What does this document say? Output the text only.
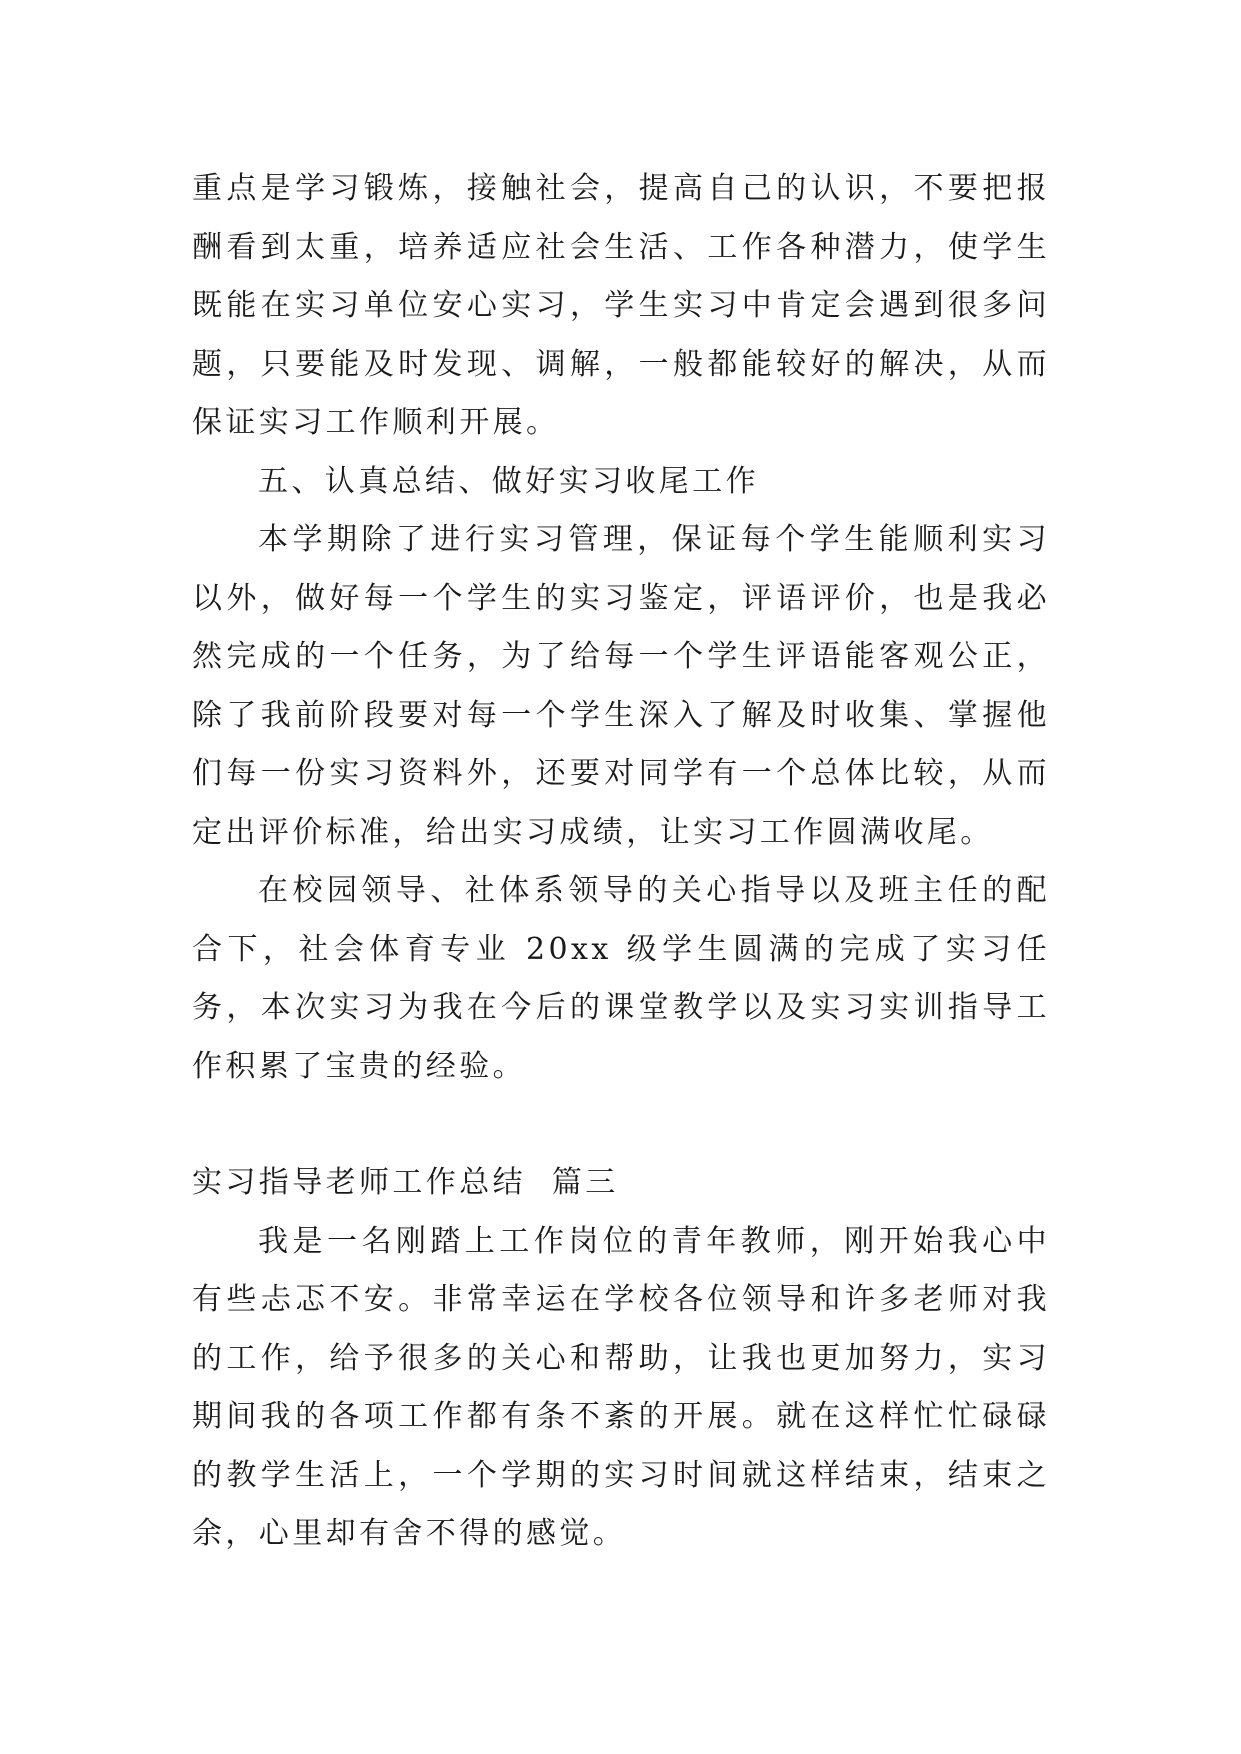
重点是学习锻炼，接触社会，提高自己的认识，不要把报酬看到太重，培养适应社会生活、工作各种潜力，使学生既能在实习单位安心实习，学生实习中肯定会遇到很多问题，只要能及时发现、调解，一般都能较好的解决，从而保证实习工作顺利开展。

五、认真总结、做好实习收尾工作

本学期除了进行实习管理，保证每个学生能顺利实习以外，做好每一个学生的实习鉴定，评语评价，也是我必然完成的一个任务，为了给每一个学生评语能客观公正，除了我前阶段要对每一个学生深入了解及时收集、掌握他们每一份实习资料外，还要对同学有一个总体比较，从而定出评价标准，给出实习成绩，让实习工作圆满收尾。

在校园领导、社体系领导的关心指导以及班主任的配合下，社会体育专业 20xx 级学生圆满的完成了实习任务，本次实习为我在今后的课堂教学以及实习实训指导工作积累了宝贵的经验。

实习指导老师工作总结  篇三

我是一名刚踏上工作岗位的青年教师，刚开始我心中有些忐忑不安。非常幸运在学校各位领导和许多老师对我的工作，给予很多的关心和帮助，让我也更加努力，实习期间我的各项工作都有条不紊的开展。就在这样忙忙碌碌的教学生活上，一个学期的实习时间就这样结束，结束之余，心里却有舍不得的感觉。
